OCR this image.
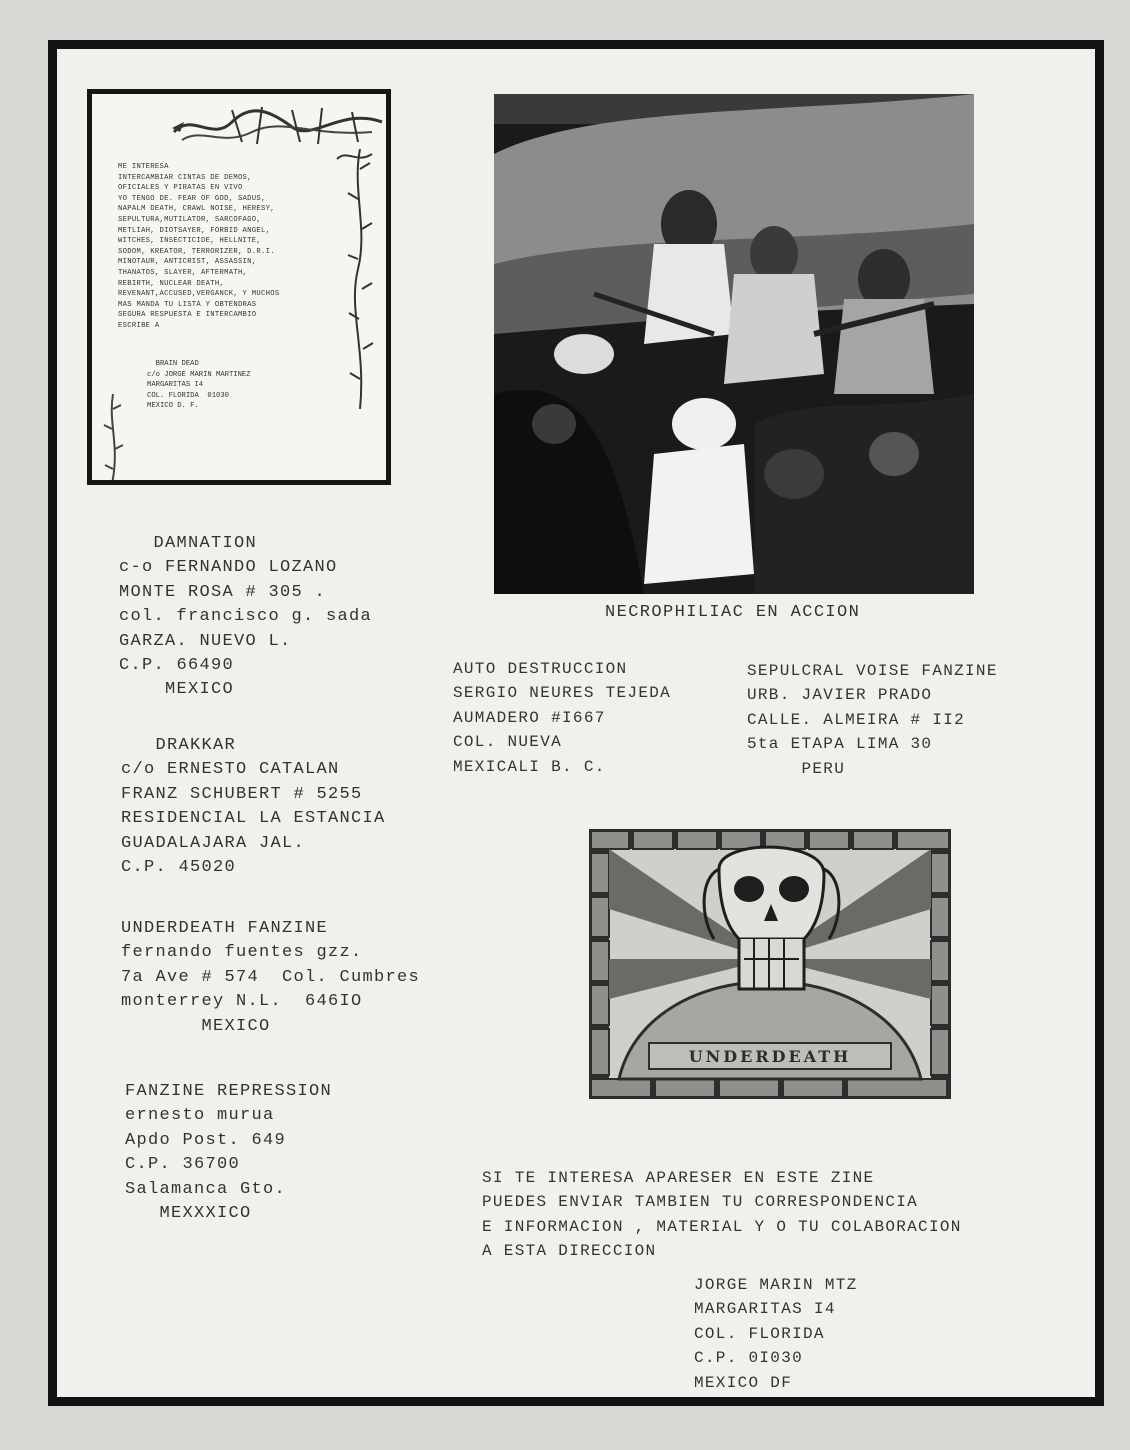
ME INTERESA
INTERCAMBIAR CINTAS DE DEMOS,
OFICIALES Y PIRATAS EN VIVO
YO TENGO DE. FEAR OF GOD, SADUS,
NAPALM DEATH, CRAWL NOISE, HERESY,
SEPULTURA,MUTILATOR, SARCOFAGO,
METLIAH, DIOTSAYER, FORBID ANGEL,
WITCHES, INSECTICIDE, HELLNITE,
SODOM, KREATOR, TERRORIZER, D.R.I.
MINOTAUR, ANTICRIST, ASSASSIN,
THANATOS, SLAYER, AFTERMATH,
REBIRTH, NUCLEAR DEATH,
REVENANT,ACCUSED,VERGANCK, Y MUCHOS
MAS MANDA TU LISTA Y OBTENDRAS
SEGURA RESPUESTA E INTERCAMBIO
ESCRIBE A
BRAIN DEAD
c/o JORGE MARIN MARTINEZ
MARGARITAS I4
COL. FLORIDA  01030
MEXICO D. F.
NECROPHILIAC EN ACCION
DAMNATION
c-o FERNANDO LOZANO
MONTE ROSA # 305 .
col. francisco g. sada
GARZA. NUEVO L.
C.P. 66490
MEXICO
DRAKKAR
c/o ERNESTO CATALAN
FRANZ SCHUBERT # 5255
RESIDENCIAL LA ESTANCIA
GUADALAJARA JAL.
C.P. 45020
UNDERDEATH FANZINE
fernando fuentes gzz.
7a Ave # 574  Col. Cumbres
monterrey N.L.  646IO
MEXICO
FANZINE REPRESSION
ernesto murua
Apdo Post. 649
C.P. 36700
Salamanca Gto.
MEXXXICO
AUTO DESTRUCCION
SERGIO NEURES TEJEDA
AUMADERO #I667
COL. NUEVA
MEXICALI B. C.
SEPULCRAL VOISE FANZINE
URB. JAVIER PRADO
CALLE. ALMEIRA # II2
5ta ETAPA LIMA 30
PERU
UNDERDEATH
SI TE INTERESA APARESER EN ESTE ZINE
PUEDES ENVIAR TAMBIEN TU CORRESPONDENCIA
E INFORMACION , MATERIAL Y O TU COLABORACION
A ESTA DIRECCION
JORGE MARIN MTZ
MARGARITAS I4
COL. FLORIDA
C.P. 0I030
MEXICO DF
